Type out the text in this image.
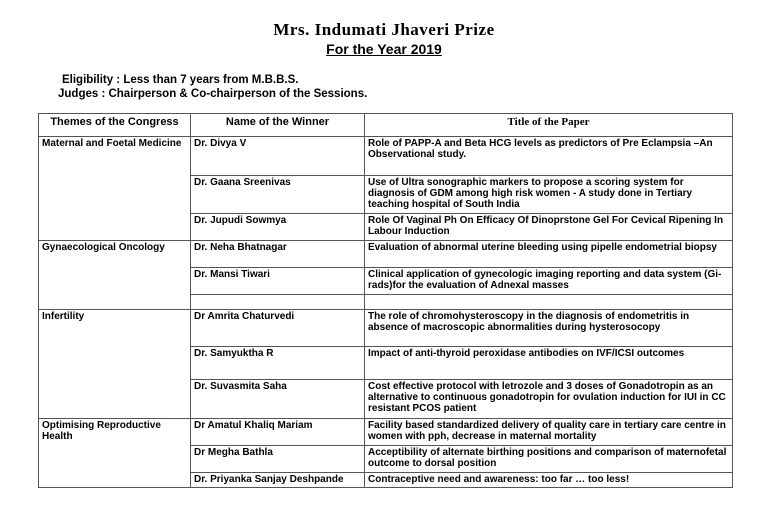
Mrs. Indumati Jhaveri Prize
For the Year 2019
Eligibility : Less than 7 years from M.B.B.S.
Judges : Chairperson & Co-chairperson of the Sessions.
Themes of the Congress	Name of the Winner	Title of the Paper
Maternal and Foetal Medicine	Dr. Divya V	Role of PAPP-A and Beta HCG levels as predictors of Pre Eclampsia –An Observational study.
	Dr. Gaana Sreenivas	Use of Ultra sonographic markers to propose a scoring system for diagnosis of GDM among high risk women - A study done in Tertiary teaching hospital of South India
	Dr. Jupudi Sowmya	Role Of Vaginal Ph On Efficacy Of Dinoprstone Gel For Cevical Ripening In Labour Induction
Gynaecological Oncology	Dr. Neha Bhatnagar	Evaluation of abnormal uterine bleeding using pipelle endometrial biopsy
	Dr. Mansi Tiwari	Clinical application of gynecologic imaging reporting and data system (Gi-rads)for the evaluation of Adnexal masses

Infertility	Dr Amrita Chaturvedi	The role of chromohysteroscopy in the diagnosis of endometritis in absence of macroscopic abnormalities during hysterosocopy
	Dr. Samyuktha R	Impact of anti-thyroid peroxidase antibodies on IVF/ICSI outcomes
	Dr. Suvasmita Saha	Cost effective protocol with letrozole and 3 doses of Gonadotropin as an alternative to continuous gonadotropin for ovulation induction for IUI in CC resistant PCOS patient
Optimising Reproductive Health	Dr Amatul Khaliq Mariam	Facility based standardized delivery of quality care in tertiary care centre in women with pph, decrease in maternal mortality
	Dr Megha Bathla	Acceptibility of alternate birthing positions and comparison of maternofetal outcome to dorsal position
	Dr. Priyanka Sanjay Deshpande	Contraceptive need and awareness: too far … too less!
